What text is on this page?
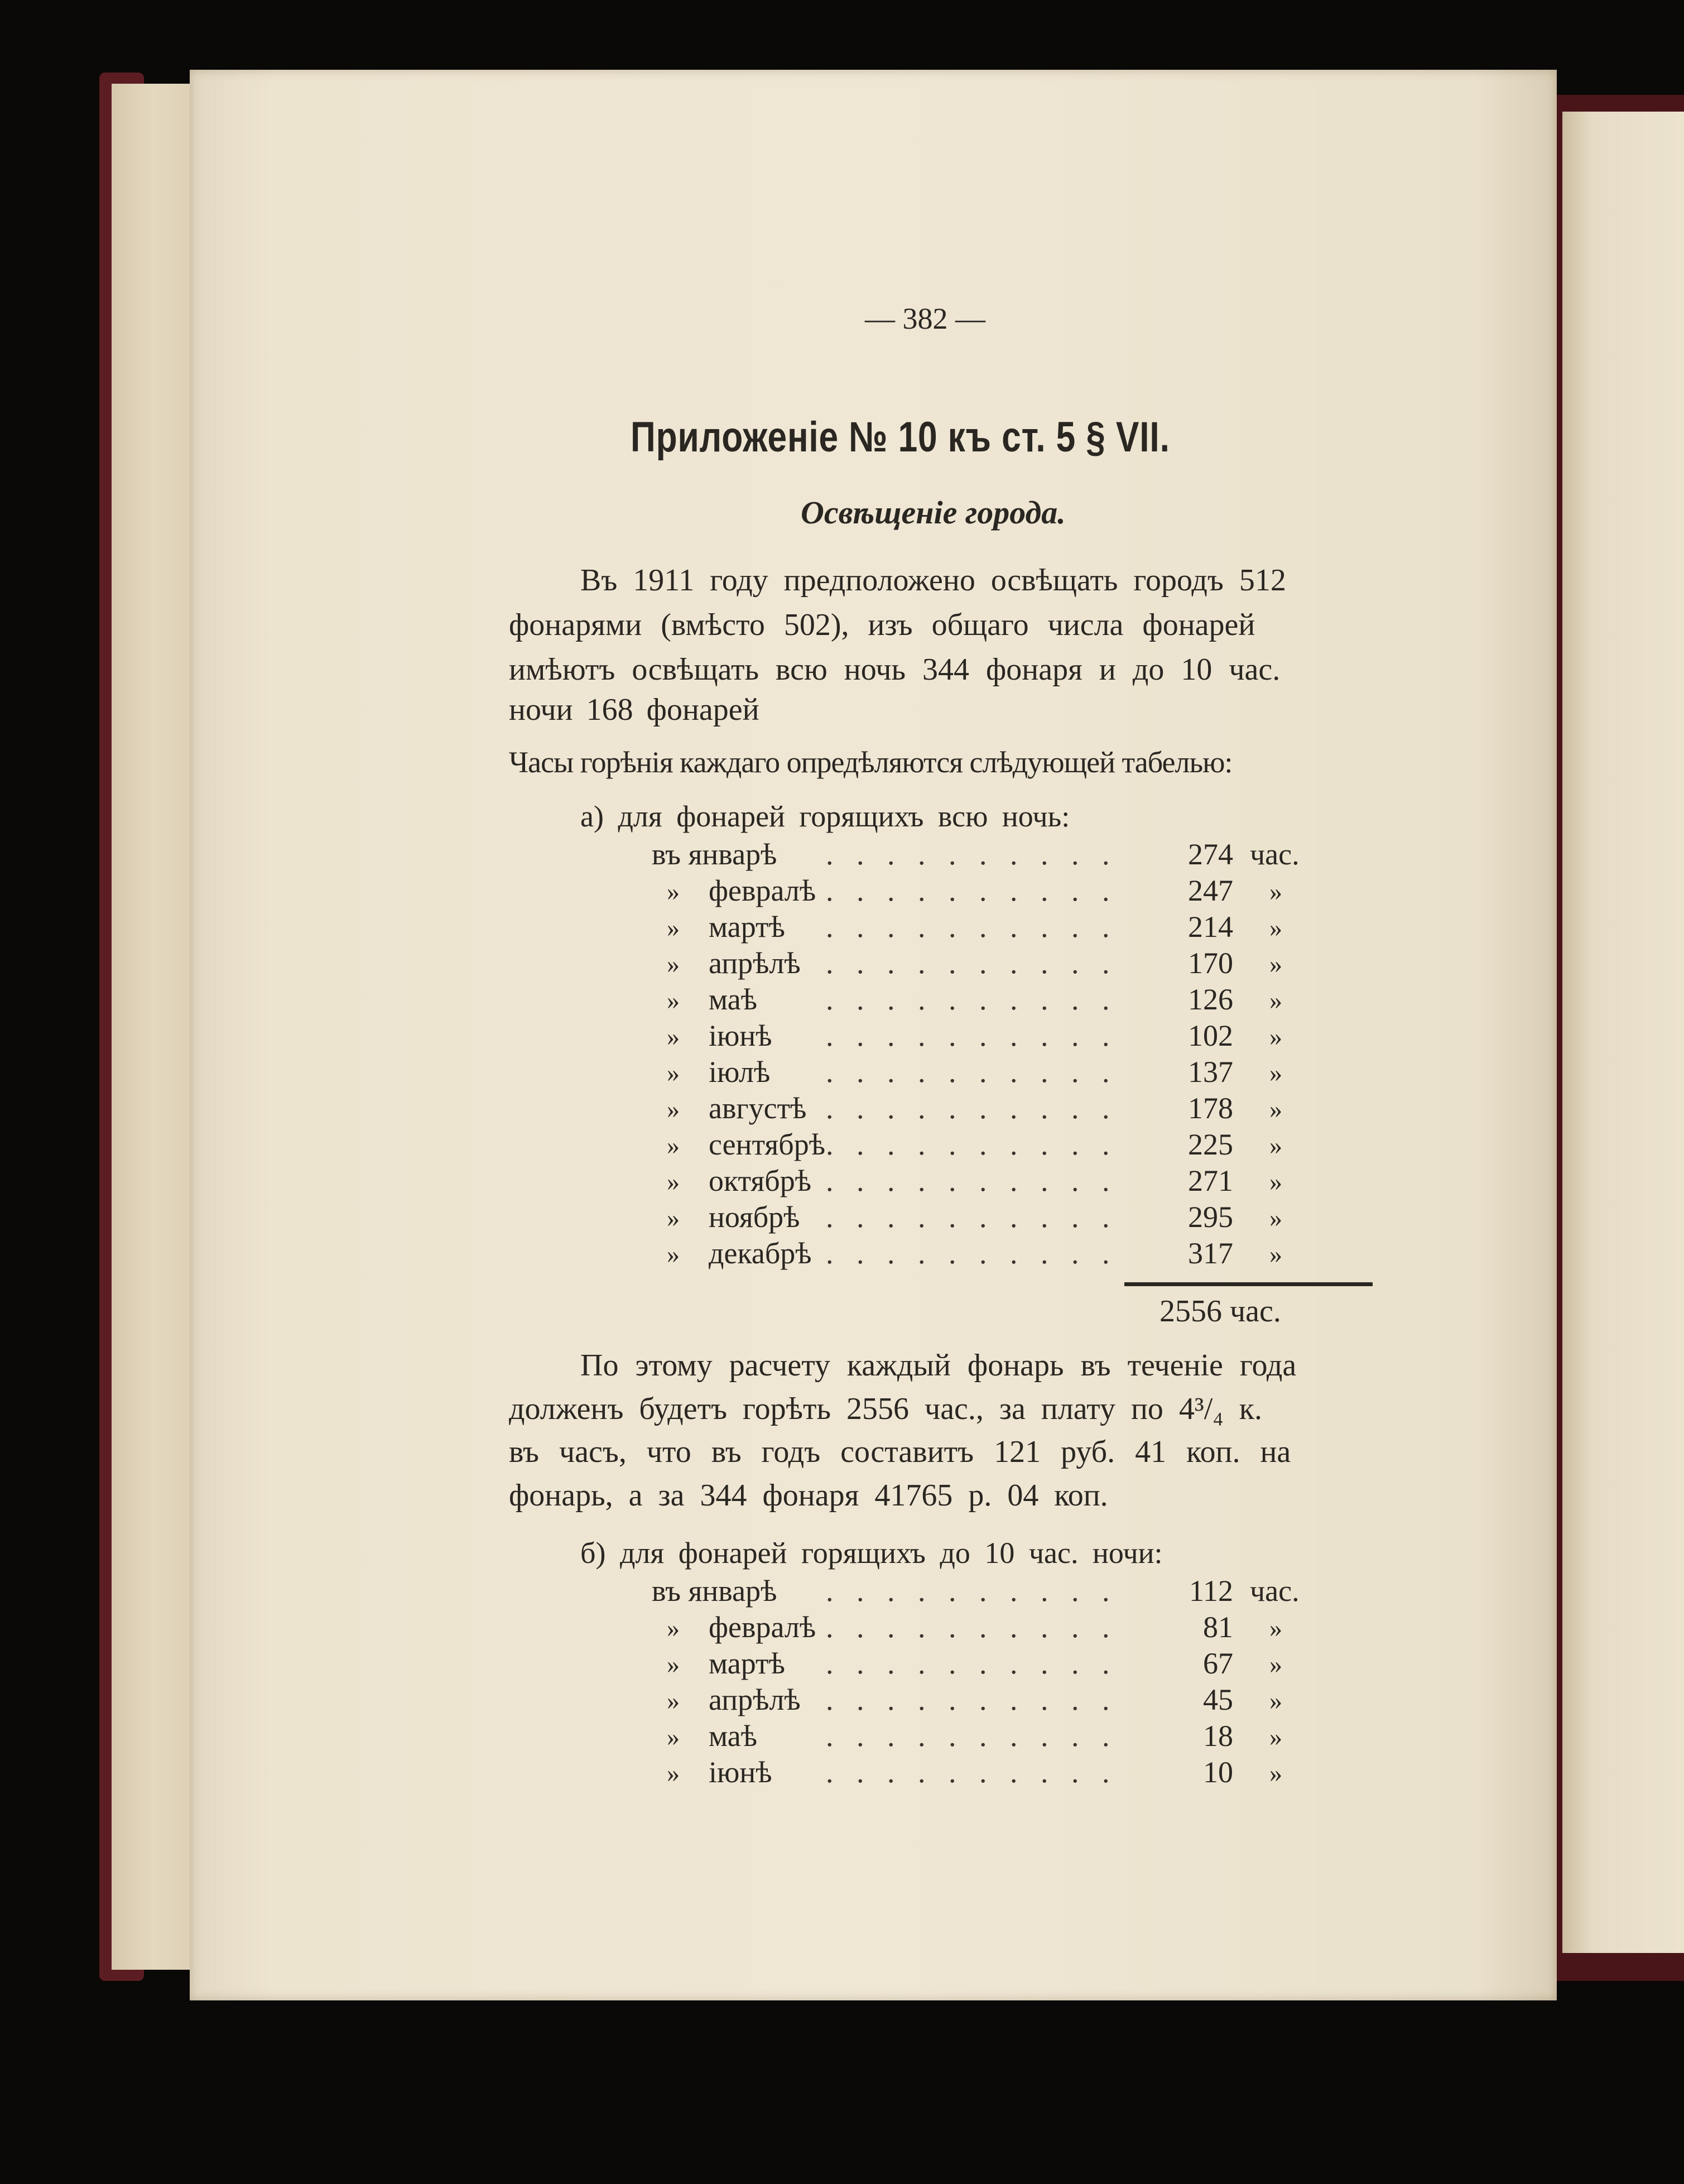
— 382 —
Приложеніе № 10 къ ст. 5 § VII.
Освѣщеніе города.
Въ 1911 году предположено освѣщать городъ 512
фонарями (вмѣсто 502), изъ общаго числа фонарей
имѣютъ освѣщать всю ночь 344 фонаря и до 10 час.
ночи 168 фонарей
Часы горѣнія каждаго опредѣляются слѣдующей табелью:
а) для фонарей горящихъ всю ночь:
въ январѣ . . . . . . . . . .	274 час.
» февралѣ . . . . . . . . . .	247 »
» мартѣ . . . . . . . . . .	214 »
» апрѣлѣ . . . . . . . . . .	170 »
» маѣ . . . . . . . . . .	126 »
» іюнѣ . . . . . . . . . .	102 »
» іюлѣ . . . . . . . . . .	137 »
» августѣ . . . . . . . . . .	178 »
» сентябрѣ . . . . . . . . . .	225 »
» октябрѣ . . . . . . . . . .	271 »
» ноябрѣ . . . . . . . . . .	295 »
» декабрѣ . . . . . . . . . .	317 »
2556 час.
По этому расчету каждый фонарь въ теченіе года
долженъ будетъ горѣть 2556 час., за плату по 4³/₄ к.
въ часъ, что въ годъ составитъ 121 руб. 41 коп. на
фонарь, а за 344 фонаря 41765 р. 04 коп.
б) для фонарей горящихъ до 10 час. ночи:
въ январѣ . . . . . . . . . .	112 час.
» февралѣ . . . . . . . . . .	81 »
» мартѣ . . . . . . . . . .	67 »
» апрѣлѣ . . . . . . . . . .	45 »
» маѣ . . . . . . . . . .	18 »
» іюнѣ . . . . . . . . . .	10 »
